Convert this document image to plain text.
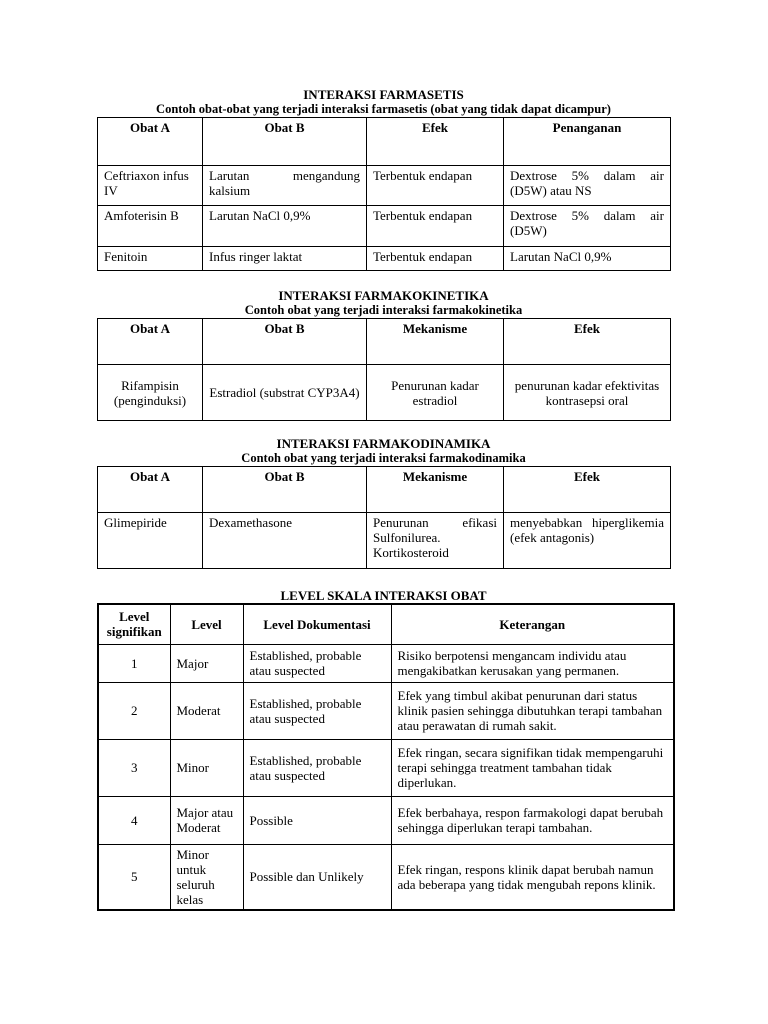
INTERAKSI FARMASETIS
Contoh obat-obat yang terjadi interaksi farmasetis (obat yang tidak dapat dicampur)
Obat A	Obat B	Efek	Penanganan
Ceftriaxon infus IV	Larutan mengandung kalsium	Terbentuk endapan	Dextrose 5% dalam air (D5W) atau NS
Amfoterisin B	Larutan NaCl 0,9%	Terbentuk endapan	Dextrose 5% dalam air (D5W)
Fenitoin	Infus ringer laktat	Terbentuk endapan	Larutan NaCl 0,9%
INTERAKSI FARMAKOKINETIKA
Contoh obat yang terjadi interaksi farmakokinetika
Obat A	Obat B	Mekanisme	Efek
Rifampisin (penginduksi)	Estradiol (substrat CYP3A4)	Penurunan kadar estradiol	penurunan kadar efektivitas kontrasepsi oral
INTERAKSI FARMAKODINAMIKA
Contoh obat yang terjadi interaksi farmakodinamika
Obat A	Obat B	Mekanisme	Efek
Glimepiride	Dexamethasone	Penurunan efikasi Sulfonilurea. Kortikosteroid	menyebabkan hiperglikemia (efek antagonis)
LEVEL SKALA INTERAKSI OBAT
Level signifikan	Level	Level Dokumentasi	Keterangan
1	Major	Established, probable atau suspected	Risiko berpotensi mengancam individu atau mengakibatkan kerusakan yang permanen.
2	Moderat	Established, probable atau suspected	Efek yang timbul akibat penurunan dari status klinik pasien sehingga dibutuhkan terapi tambahan atau perawatan di rumah sakit.
3	Minor	Established, probable atau suspected	Efek ringan, secara signifikan tidak mempengaruhi terapi sehingga treatment tambahan tidak diperlukan.
4	Major atau Moderat	Possible	Efek berbahaya, respon farmakologi dapat berubah sehingga diperlukan terapi tambahan.
5	Minor untuk seluruh kelas	Possible dan Unlikely	Efek ringan, respons klinik dapat berubah namun ada beberapa yang tidak mengubah repons klinik.
